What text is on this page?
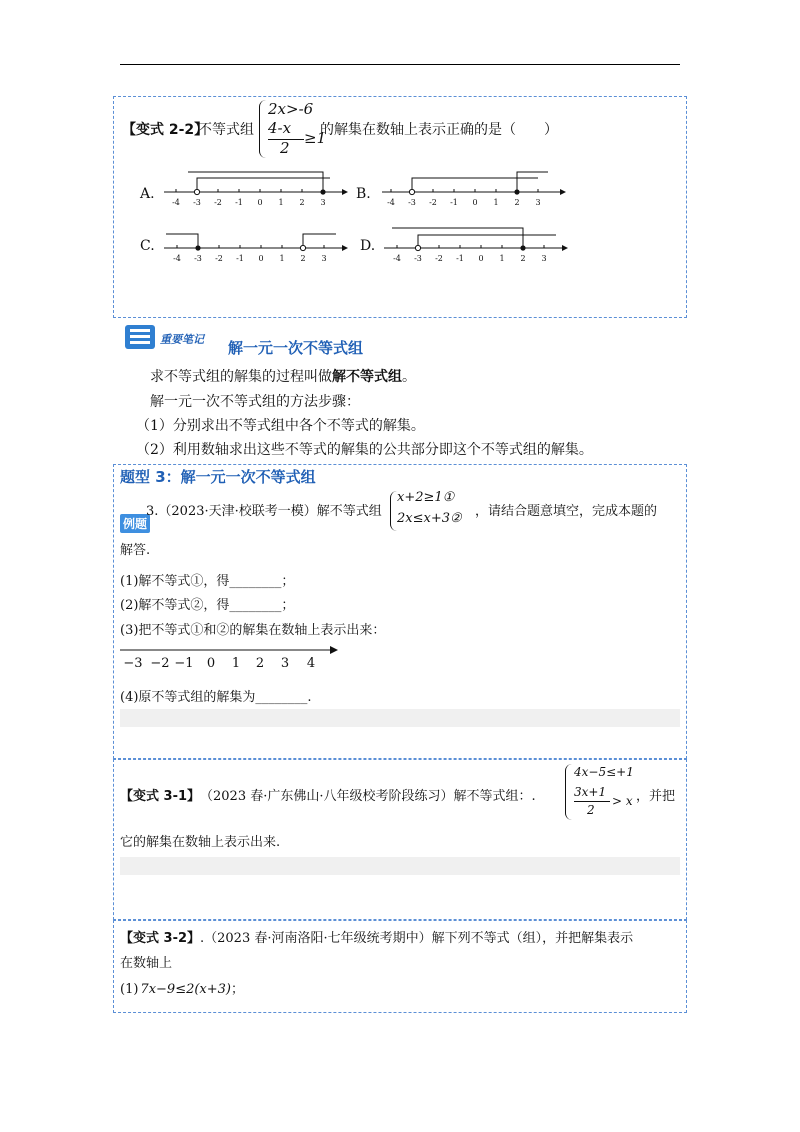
【变式 2-2】
不等式组
2x>-6
4-x
2
≥1
的解集在数轴上表示正确的是（　　）
A.	B.
C.	D.
-4 -3 -2 -1 0 1 2 3	-4 -3 -2 -1 0 1 2 3
-4 -3 -2 -1 0 1 2 3	-4 -3 -2 -1 0 1 2 3
重要笔记 解一元一次不等式组
求不等式组的解集的过程叫做解不等式组。
解一元一次不等式组的方法步骤：
（1）分别求出不等式组中各个不等式的解集。
（2）利用数轴求出这些不等式的解集的公共部分即这个不等式组的解集。
题型 3：解一元一次不等式组
例题
3.（2023·天津·校联考一模）解不等式组
x+2≥1①
2x≤x+3② ，请结合题意填空，完成本题的
解答.
(1)解不等式①，得________；
(2)解不等式②，得________；
(3)把不等式①和②的解集在数轴上表示出来：
−3 −2 −1 0 1 2 3 4
(4)原不等式组的解集为________.
【变式 3-1】 （2023 春·广东佛山·八年级校考阶段练习）解不等式组：.
4x−5≤+1
3x+1
2
> x ，并把
它的解集在数轴上表示出来.
【变式 3-2】 .（2023 春·河南洛阳·七年级统考期中）解下列不等式（组），并把解集表示
在数轴上
(1) 7x−9≤2(x+3)；
